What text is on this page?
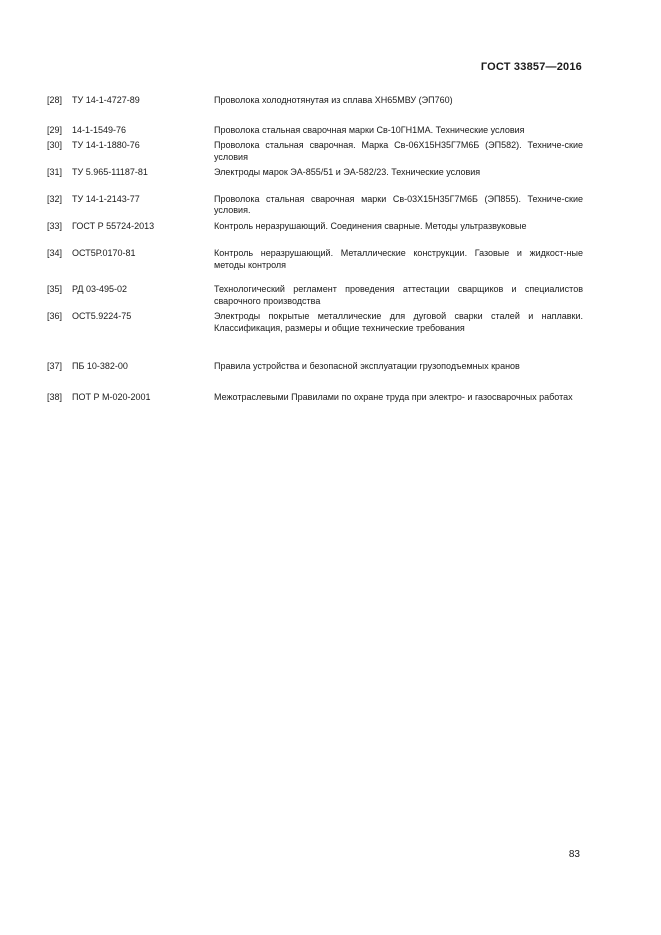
ГОСТ 33857—2016
[28] ТУ 14-1-4727-89	Проволока холоднотянутая из сплава ХН65МВУ (ЭП760)
[29] 14-1-1549-76	Проволока стальная сварочная марки Св-10ГН1МА. Технические условия
[30] ТУ 14-1-1880-76	Проволока стальная сварочная. Марка Св-06Х15Н35Г7М6Б (ЭП582). Техниче-ские условия
[31] ТУ 5.965-11187-81	Электроды марок ЭА-855/51 и ЭА-582/23. Технические условия
[32] ТУ 14-1-2143-77	Проволока стальная сварочная марки Св-03Х15Н35Г7М6Б (ЭП855). Техниче-ские условия.
[33] ГОСТ Р 55724-2013	Контроль неразрушающий. Соединения сварные. Методы ультразвуковые
[34] ОСТ5Р.0170-81	Контроль неразрушающий. Металлические конструкции. Газовые и жидкост-ные методы контроля
[35] РД 03-495-02	Технологический регламент проведения аттестации сварщиков и специалистов сварочного производства
[36] ОСТ5.9224-75	Электроды покрытые металлические для дуговой сварки сталей и наплавки. Классификация, размеры и общие технические требования
[37] ПБ 10-382-00	Правила устройства и безопасной эксплуатации грузоподъемных кранов
[38] ПОТ Р М-020-2001	Межотраслевыми Правилами по охране труда при электро- и газосварочных работах
83
